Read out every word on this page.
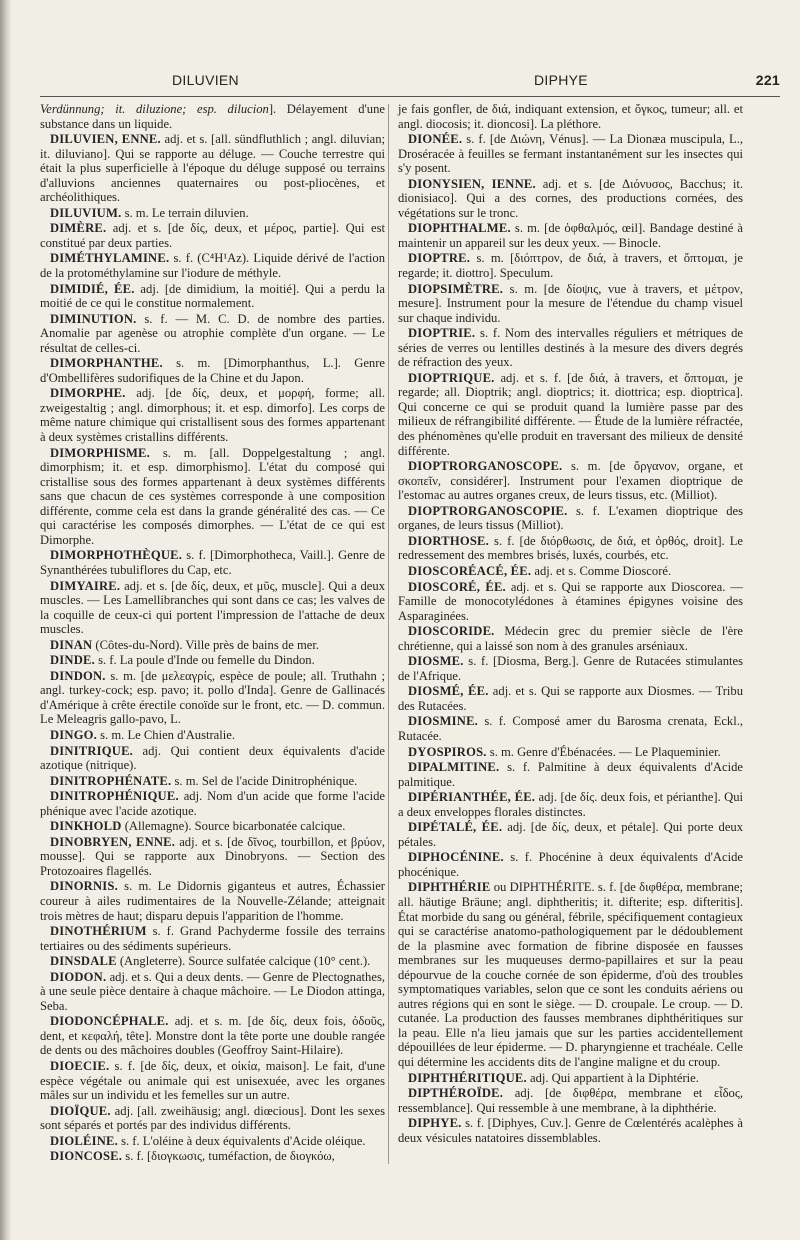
DILUVIEN	DIPHYE	221
Verdünnung; it. diluzione; esp. dilucion]. Délayement d'une substance dans un liquide.
DILUVIEN, ENNE. adj. et s. [all. sündfluthlich ; angl. diluvian; it. diluviano]. Qui se rapporte au déluge. — Couche terrestre qui était la plus superficielle à l'époque du déluge supposé ou terrains d'alluvions anciennes quaternaires ou post-pliocènes, et archéolithiques.
DILUVIUM. s. m. Le terrain diluvien.
DIMÈRE. adj. et s. [de δίς, deux, et μέρος, partie]. Qui est constitué par deux parties.
DIMÉTHYLAMINE. s. f. (C⁴H¹Az). Liquide dérivé de l'action de la protométhylamine sur l'iodure de méthyle.
DIMIDIÉ, ÉE. adj. [de dimidium, la moitié]. Qui a perdu la moitié de ce qui le constitue normalement.
DIMINUTION. s. f. — M. C. D. de nombre des parties. Anomalie par agenèse ou atrophie complète d'un organe. — Le résultat de celles-ci.
DIMORPHANTHE. s. m. [Dimorphanthus, L.]. Genre d'Ombellifères sudorifiques de la Chine et du Japon.
DIMORPHE. adj. [de δίς, deux, et μορφή, forme; all. zweigestaltig ; angl. dimorphous; it. et esp. dimorfo]. Les corps de même nature chimique qui cristallisent sous des formes appartenant à deux systèmes cristallins différents.
DIMORPHISME. s. m. [all. Doppelgestaltung ; angl. dimorphism; it. et esp. dimorphismo]. L'état du composé qui cristallise sous des formes appartenant à deux systèmes différents sans que chacun de ces systèmes corresponde à une composition différente, comme cela est dans la grande généralité des cas. — Ce qui caractérise les composés dimorphes. — L'état de ce qui est Dimorphe.
DIMORPHOTHÈQUE. s. f. [Dimorphotheca, Vaill.]. Genre de Synanthérées tubuliflores du Cap, etc.
DIMYAIRE. adj. et s. [de δίς, deux, et μῦς, muscle]. Qui a deux muscles. — Les Lamellibranches qui sont dans ce cas; les valves de la coquille de ceux-ci qui portent l'impression de l'attache de deux muscles.
DINAN (Côtes-du-Nord). Ville près de bains de mer.
DINDE. s. f. La poule d'Inde ou femelle du Dindon.
DINDON. s. m. [de μελεαγρίς, espèce de poule; all. Truthahn ; angl. turkey-cock; esp. pavo; it. pollo d'Inda]. Genre de Gallinacés d'Amérique à crête érectile conoïde sur le front, etc. — D. commun. Le Meleagris gallo-pavo, L.
DINGO. s. m. Le Chien d'Australie.
DINITRIQUE. adj. Qui contient deux équivalents d'acide azotique (nitrique).
DINITROPHÉNATE. s. m. Sel de l'acide Dinitrophénique.
DINITROPHÉNIQUE. adj. Nom d'un acide que forme l'acide phénique avec l'acide azotique.
DINKHOLD (Allemagne). Source bicarbonatée calcique.
DINOBRYEN, ENNE. adj. et s. [de δῖνος, tourbillon, et βρύον, mousse]. Qui se rapporte aux Dinobryons. — Section des Protozoaires flagellés.
DINORNIS. s. m. Le Didornis giganteus et autres, Échassier coureur à ailes rudimentaires de la Nouvelle-Zélande; atteignait trois mètres de haut; disparu depuis l'apparition de l'homme.
DINOTHÉRIUM s. f. Grand Pachyderme fossile des terrains tertiaires ou des sédiments supérieurs.
DINSDALE (Angleterre). Source sulfatée calcique (10° cent.).
DIODON. adj. et s. Qui a deux dents. — Genre de Plectognathes, à une seule pièce dentaire à chaque mâchoire. — Le Diodon attinga, Seba.
DIODONCÉPHALE. adj. et s. m. [de δίς, deux fois, ὀδοῦς, dent, et κεφαλή, tête]. Monstre dont la tête porte une double rangée de dents ou des mâchoires doubles (Geoffroy Saint-Hilaire).
DIOECIE. s. f. [de δίς, deux, et οἰκία, maison]. Le fait, d'une espèce végétale ou animale qui est unisexuée, avec les organes mâles sur un individu et les femelles sur un autre.
DIOÏQUE. adj. [all. zweihäusig; angl. diœcious]. Dont les sexes sont séparés et portés par des individus différents.
DIOLÉINE. s. f. L'oléine à deux équivalents d'Acide oléique.
DIONCOSE. s. f. [διογκωσις, tuméfaction, de διογκόω,
je fais gonfler, de διά, indiquant extension, et ὄγκος, tumeur; all. et angl. diocosis; it. dioncosi]. La pléthore.
DIONÉE. s. f. [de Διώνη, Vénus]. — La Dionæa muscipula, L., Droséracée à feuilles se fermant instantanément sur les insectes qui s'y posent.
DIONYSIEN, IENNE. adj. et s. [de Διόνυσος, Bacchus; it. dionisiaco]. Qui a des cornes, des productions cornées, des végétations sur le tronc.
DIOPHTHALME. s. m. [de ὀφθαλμός, œil]. Bandage destiné à maintenir un appareil sur les deux yeux. — Binocle.
DIOPTRE. s. m. [διόπτρον, de διά, à travers, et ὄπτομαι, je regarde; it. diottro]. Speculum.
DIOPSIMÈTRE. s. m. [de δίοψις, vue à travers, et μέτρον, mesure]. Instrument pour la mesure de l'étendue du champ visuel sur chaque individu.
DIOPTRIE. s. f. Nom des intervalles réguliers et métriques de séries de verres ou lentilles destinés à la mesure des divers degrés de réfraction des yeux.
DIOPTRIQUE. adj. et s. f. [de διά, à travers, et ὄπτομαι, je regarde; all. Dioptrik; angl. dioptrics; it. diottrica; esp. dioptrica]. Qui concerne ce qui se produit quand la lumière passe par des milieux de réfrangibilité différente. — Étude de la lumière réfractée, des phénomènes qu'elle produit en traversant des milieux de densité différente.
DIOPTRORGANOSCOPE. s. m. [de ὄργανον, organe, et σκοπεῖν, considérer]. Instrument pour l'examen dioptrique de l'estomac au autres organes creux, de leurs tissus, etc. (Milliot).
DIOPTRORGANOSCOPIE. s. f. L'examen dioptrique des organes, de leurs tissus (Milliot).
DIORTHOSE. s. f. [de διόρθωσις, de διά, et ὀρθός, droit]. Le redressement des membres brisés, luxés, courbés, etc.
DIOSCORÉACÉ, ÉE. adj. et s. Comme Dioscoré.
DIOSCORÉ, ÉE. adj. et s. Qui se rapporte aux Dioscorea. — Famille de monocotylédones à étamines épigynes voisine des Asparaginées.
DIOSCORIDE. Médecin grec du premier siècle de l'ère chrétienne, qui a laissé son nom à des granules arséniaux.
DIOSME. s. f. [Diosma, Berg.]. Genre de Rutacées stimulantes de l'Afrique.
DIOSMÉ, ÉE. adj. et s. Qui se rapporte aux Diosmes. — Tribu des Rutacées.
DIOSMINE. s. f. Composé amer du Barosma crenata, Eckl., Rutacée.
DYOSPIROS. s. m. Genre d'Ébénacées. — Le Plaqueminier.
DIPALMITINE. s. f. Palmitine à deux équivalents d'Acide palmitique.
DIPÉRIANTHÉE, ÉE. adj. [de δίς. deux fois, et périanthe]. Qui a deux enveloppes florales distinctes.
DIPÉTALÉ, ÉE. adj. [de δίς, deux, et pétale]. Qui porte deux pétales.
DIPHOCÉNINE. s. f. Phocénine à deux équivalents d'Acide phocénique.
DIPHTHÉRIE ou DIPHTHÉRITE. s. f. [de διφθέρα, membrane; all. häutige Bräune; angl. diphtheritis; it. difterite; esp. difteritis]. État morbide du sang ou général, fébrile, spécifiquement contagieux qui se caractérise anatomo-pathologiquement par le dédoublement de la plasmine avec formation de fibrine disposée en fausses membranes sur les muqueuses dermo-papillaires et sur la peau dépourvue de la couche cornée de son épiderme, d'où des troubles symptomatiques variables, selon que ce sont les conduits aériens ou autres régions qui en sont le siège. — D. croupale. Le croup. — D. cutanée. La production des fausses membranes diphthéritiques sur la peau. Elle n'a lieu jamais que sur les parties accidentellement dépouillées de leur épiderme. — D. pharyngienne et trachéale. Celle qui détermine les accidents dits de l'angine maligne et du croup.
DIPHTHÉRITIQUE. adj. Qui appartient à la Diphtérie.
DIPTHÉROÏDE. adj. [de διφθέρα, membrane et εἶδος, ressemblance]. Qui ressemble à une membrane, à la diphthérie.
DIPHYE. s. f. [Diphyes, Cuv.]. Genre de Cœlentérés acalèphes à deux vésicules natatoires dissemblables.
